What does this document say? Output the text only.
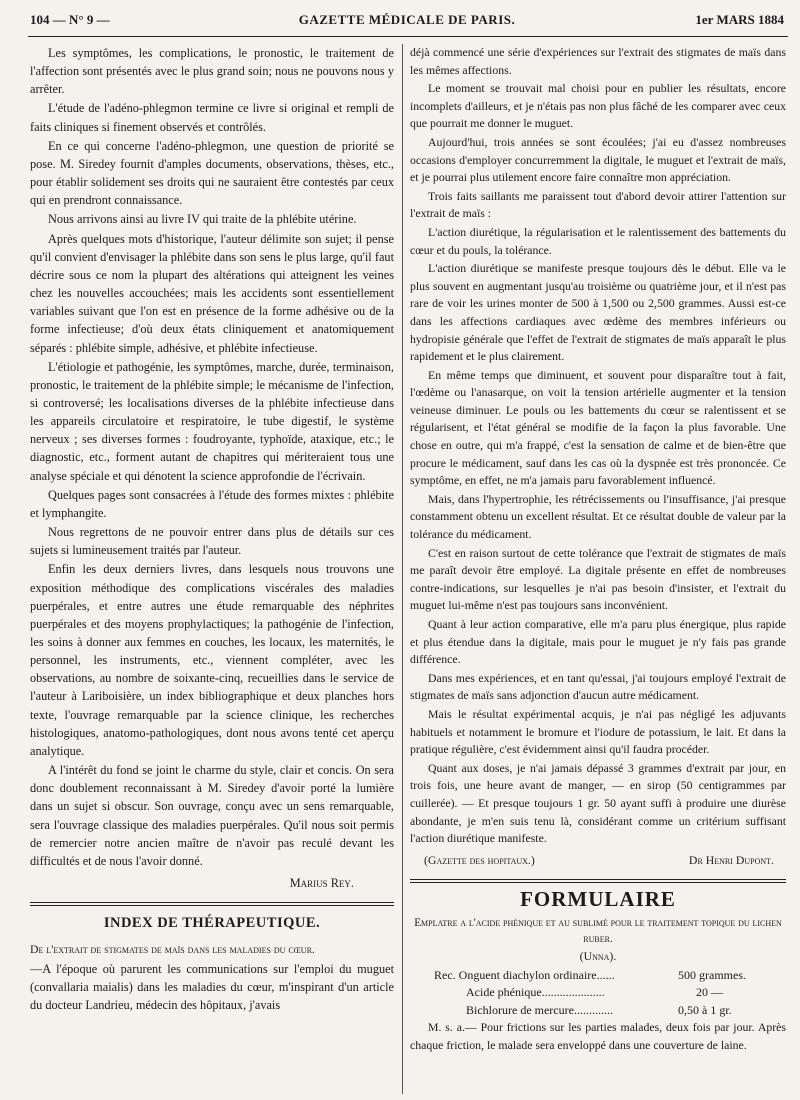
104 — N° 9 —	GAZETTE MÉDICALE DE PARIS.	1er MARS 1884

Les symptômes, les complications, le pronostic, le traitement de l'affection sont présentés avec le plus grand soin; nous ne pouvons nous y arrêter.

L'étude de l'adéno-phlegmon termine ce livre si original et rempli de faits cliniques si finement observés et contrôlés.

En ce qui concerne l'adéno-phlegmon, une question de priorité se pose. M. Siredey fournit d'amples documents, observations, thèses, etc., pour établir solidement ses droits qui ne sauraient être contestés par ceux qui en prendront connaissance.

Nous arrivons ainsi au livre IV qui traite de la phlébite utérine.

Après quelques mots d'historique, l'auteur délimite son sujet; il pense qu'il convient d'envisager la phlébite dans son sens le plus large, qu'il faut décrire sous ce nom la plupart des altérations qui atteignent les veines chez les nouvelles accouchées; mais les accidents sont essentiellement variables suivant que l'on est en présence de la forme adhésive ou de la forme infectieuse; d'où deux états cliniquement et anatomiquement séparés : phlébite simple, adhésive, et phlébite infectieuse.

L'étiologie et pathogénie, les symptômes, marche, durée, terminaison, pronostic, le traitement de la phlébite simple; le mécanisme de l'infection, si controversé; les localisations diverses de la phlébite infectieuse dans les appareils circulatoire et respiratoire, le tube digestif, le système nerveux ; ses diverses formes : foudroyante, typhoïde, ataxique, etc.; le diagnostic, etc., forment autant de chapitres qui mériteraient tous une analyse spéciale et qui dénotent la science approfondie de l'écrivain.

Quelques pages sont consacrées à l'étude des formes mixtes : phlébite et lymphangite.

Nous regrettons de ne pouvoir entrer dans plus de détails sur ces sujets si lumineusement traités par l'auteur.

Enfin les deux derniers livres, dans lesquels nous trouvons une exposition méthodique des complications viscérales des maladies puerpérales, et entre autres une étude remarquable des néphrites puerpérales et des moyens prophylactiques; la pathogénie de l'infection, les soins à donner aux femmes en couches, les locaux, les maternités, le personnel, les instruments, etc., viennent compléter, avec les observations, au nombre de soixante-cinq, recueillies dans le service de l'auteur à Lariboisière, un index bibliographique et deux planches hors texte, l'ouvrage remarquable par la science clinique, les recherches histologiques, anatomo-pathologiques, dont nous avons tenté cet aperçu analytique.

A l'intérêt du fond se joint le charme du style, clair et concis. On sera donc doublement reconnaissant à M. Siredey d'avoir porté la lumière dans un sujet si obscur. Son ouvrage, conçu avec un sens remarquable, sera l'ouvrage classique des maladies puerpérales. Qu'il nous soit permis de remercier notre ancien maître de n'avoir pas reculé devant les difficultés et de nous l'avoir donné.

Marius Rey.

INDEX DE THÉRAPEUTIQUE.

De l'extrait de stigmates de maïs dans les maladies du cœur.

—A l'époque où parurent les communications sur l'emploi du muguet (convallaria maialis) dans les maladies du cœur, m'inspirant d'un article du docteur Landrieu, médecin des hôpitaux, j'avais

déjà commencé une série d'expériences sur l'extrait des stigmates de maïs dans les mêmes affections.

Le moment se trouvait mal choisi pour en publier les résultats, encore incomplets d'ailleurs, et je n'étais pas non plus fâché de les comparer avec ceux que pourrait me donner le muguet.

Aujourd'hui, trois années se sont écoulées; j'ai eu d'assez nombreuses occasions d'employer concurremment la digitale, le muguet et l'extrait de maïs, et je pourrai plus utilement encore faire connaître mon appréciation.

Trois faits saillants me paraissent tout d'abord devoir attirer l'attention sur l'extrait de maïs :

L'action diurétique, la régularisation et le ralentissement des battements du cœur et du pouls, la tolérance.

L'action diurétique se manifeste presque toujours dès le début. Elle va le plus souvent en augmentant jusqu'au troisième ou quatrième jour, et il n'est pas rare de voir les urines monter de 500 à 1,500 ou 2,500 grammes. Aussi est-ce dans les affections cardiaques avec œdème des membres inférieurs ou hydropisie générale que l'effet de l'extrait de stigmates de maïs apparaît le plus rapidement et le plus clairement.

En même temps que diminuent, et souvent pour disparaître tout à fait, l'œdème ou l'anasarque, on voit la tension artérielle augmenter et la tension veineuse diminuer. Le pouls ou les battements du cœur se ralentissent et se régularisent, et l'état général se modifie de la façon la plus favorable. Une chose en outre, qui m'a frappé, c'est la sensation de calme et de bien-être que procure le médicament, sauf dans les cas où la dyspnée est très prononcée. Ce symptôme, en effet, ne m'a jamais paru favorablement influencé.

Mais, dans l'hypertrophie, les rétrécissements ou l'insuffisance, j'ai presque constamment obtenu un excellent résultat. Et ce résultat double de valeur par la tolérance du médicament.

C'est en raison surtout de cette tolérance que l'extrait de stigmates de maïs me paraît devoir être employé. La digitale présente en effet de nombreuses contre-indications, sur lesquelles je n'ai pas besoin d'insister, et l'extrait du muguet lui-même n'est pas toujours sans inconvénient.

Quant à leur action comparative, elle m'a paru plus énergique, plus rapide et plus étendue dans la digitale, mais pour le muguet je n'y fais pas grande différence.

Dans mes expériences, et en tant qu'essai, j'ai toujours employé l'extrait de stigmates de maïs sans adjonction d'aucun autre médicament.

Mais le résultat expérimental acquis, je n'ai pas négligé les adjuvants habituels et notamment le bromure et l'iodure de potassium, le lait. Et dans la pratique régulière, c'est évidemment ainsi qu'il faudra procéder.

Quant aux doses, je n'ai jamais dépassé 3 grammes d'extrait par jour, en trois fois, une heure avant de manger, — en sirop (50 centigrammes par cuillerée). — Et presque toujours 1 gr. 50 ayant suffi à produire une diurèse abondante, je m'en suis tenu là, considérant comme un critérium suffisant l'action diurétique manifeste.

(Gazette des hopitaux.)	Dr Henri Dupont.
FORMULAIRE

Emplatre a l'acide phénique et au sublimé pour le traitement topique du lichen ruber.

(Unna).

Rec. Onguent diachylon ordinaire......	500 grammes.
Acide phénique.....................	20 —
Bichlorure de mercure.............	0,50 à 1 gr.

M. s. a.— Pour frictions sur les parties malades, deux fois par jour. Après chaque friction, le malade sera enveloppé dans une couverture de laine.
